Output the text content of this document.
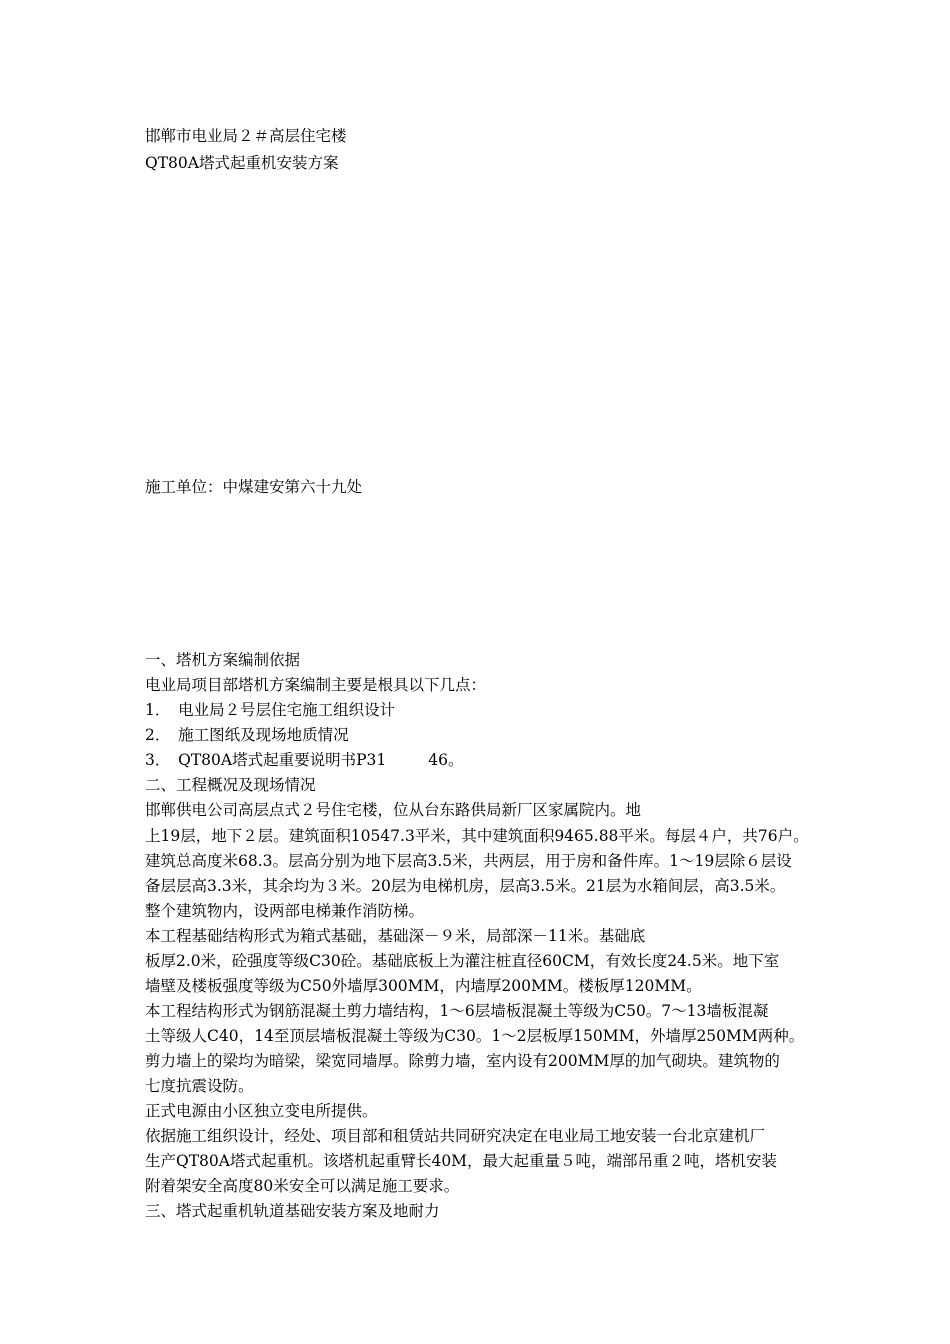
邯郸市电业局２＃高层住宅楼
QT80A塔式起重机安装方案
施工单位：中煤建安第六十九处
一、塔机方案编制依据
电业局项目部塔机方案编制主要是根具以下几点：
1．　电业局２号层住宅施工组织设计
2．　施工图纸及现场地质情况
3．　QT80A塔式起重要说明书P31	46。
二、工程概况及现场情况
邯郸供电公司高层点式２号住宅楼，位从台东路供局新厂区家属院内。地
上19层，地下２层。建筑面积10547.3平米，其中建筑面积9465.88平米。每层４户，共76户。
建筑总高度米68.3。层高分别为地下层高3.5米，共两层，用于房和备件库。1～19层除６层设
备层层高3.3米，其余均为３米。20层为电梯机房，层高3.5米。21层为水箱间层，高3.5米。
整个建筑物内，设两部电梯兼作消防梯。
本工程基础结构形式为箱式基础，基础深－９米，局部深－11米。基础底
板厚2.0米，砼强度等级C30砼。基础底板上为灌注桩直径60CM，有效长度24.5米。地下室
墙壁及楼板强度等级为C50外墙厚300MM，内墙厚200MM。楼板厚120MM。
本工程结构形式为钢筋混凝土剪力墙结构，1～6层墙板混凝土等级为C50。7～13墙板混凝
土等级人C40，14至顶层墙板混凝土等级为C30。1～2层板厚150MM，外墙厚250MM两种。
剪力墙上的梁均为暗梁，梁宽同墙厚。除剪力墙，室内设有200MM厚的加气砌块。建筑物的
七度抗震设防。
正式电源由小区独立变电所提供。
依据施工组织设计，经处、项目部和租赁站共同研究决定在电业局工地安装一台北京建机厂
生产QT80A塔式起重机。该塔机起重臂长40M，最大起重量５吨，端部吊重２吨，塔机安装
附着架安全高度80米安全可以满足施工要求。
三、塔式起重机轨道基础安装方案及地耐力
